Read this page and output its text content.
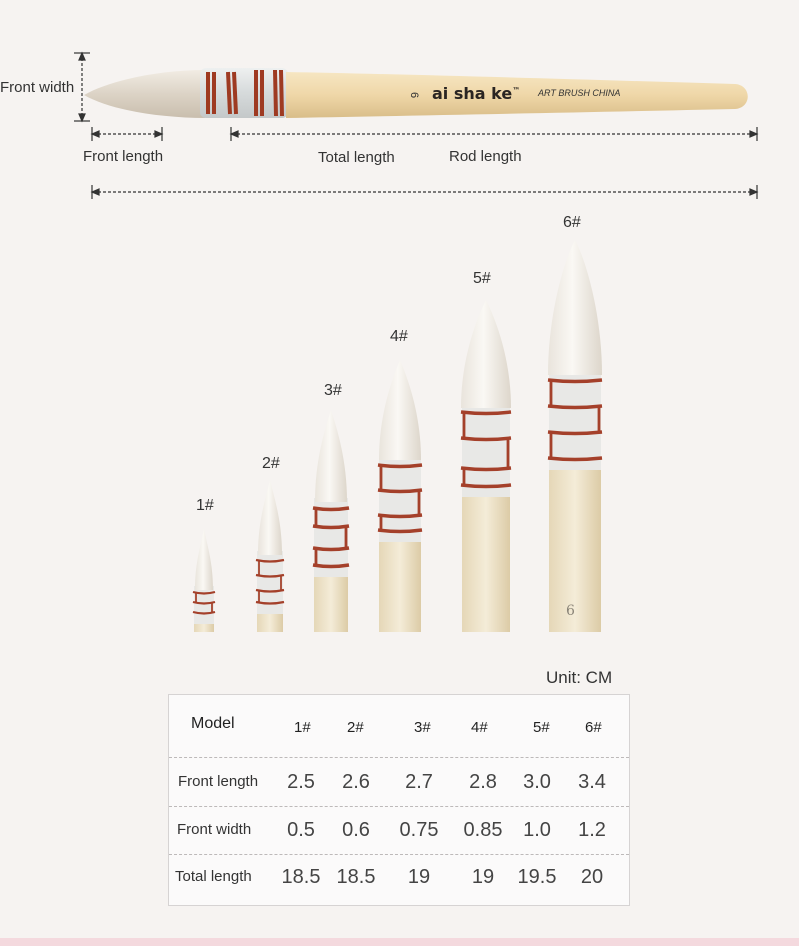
6 ai sha ke™ ART BRUSH CHINA
Front width
Front length	Total length	Rod length
6
1#
2#
3#
4#
5#
6#
Unit: CM
Model	1# 2#	3#	4#	5# 6#
Front length	2.5	2.6	2.7	2.8	3.0	3.4
Front width	0.5	0.6	0.75	0.85	1.0	1.2
Total length	18.5 18.5	19	19	19.5	20
